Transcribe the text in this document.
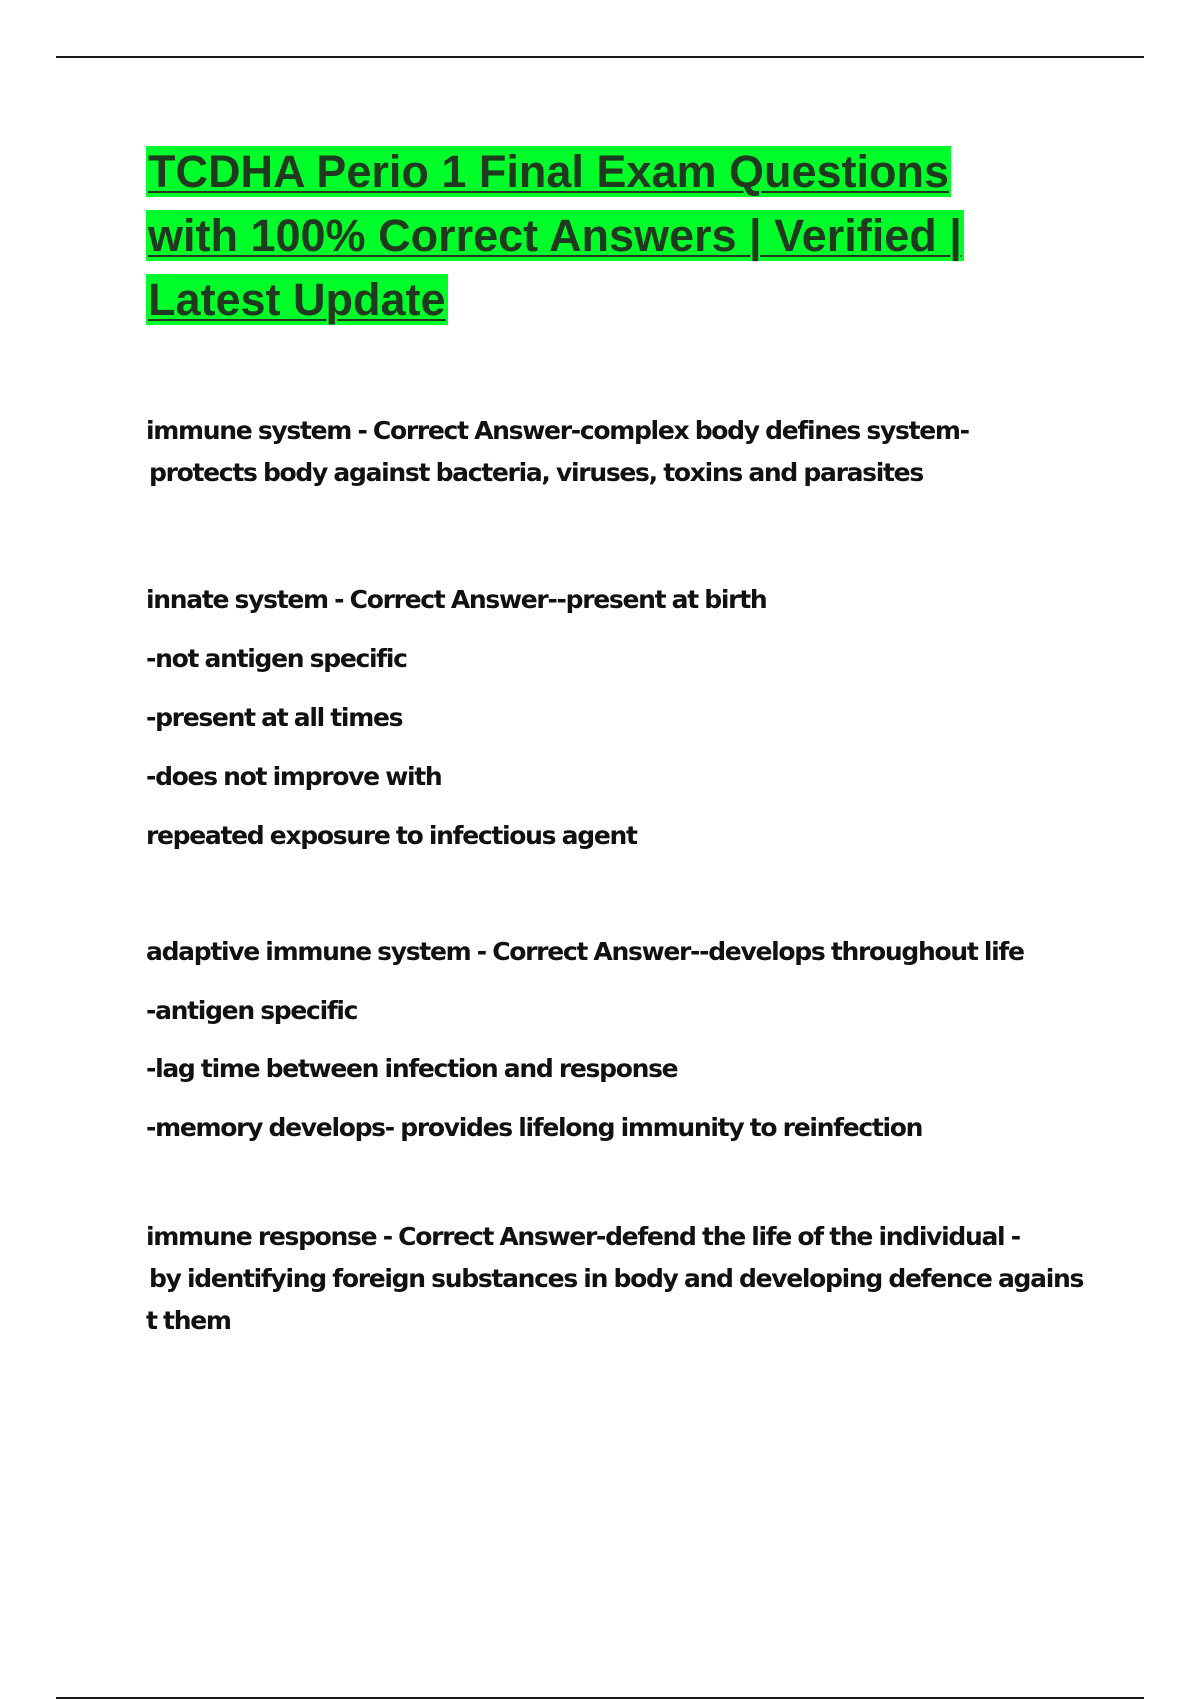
TCDHA Perio 1 Final Exam Questions
with 100% Correct Answers | Verified |
Latest Update
immune system - Correct Answer-complex body defines system-
protects body against bacteria, viruses, toxins and parasites
innate system - Correct Answer--present at birth
-not antigen specific
-present at all times
-does not improve with
repeated exposure to infectious agent
adaptive immune system - Correct Answer--develops throughout life
-antigen specific
-lag time between infection and response
-memory develops- provides lifelong immunity to reinfection
immune response - Correct Answer-defend the life of the individual -
by identifying foreign substances in body and developing defence agains
t them
